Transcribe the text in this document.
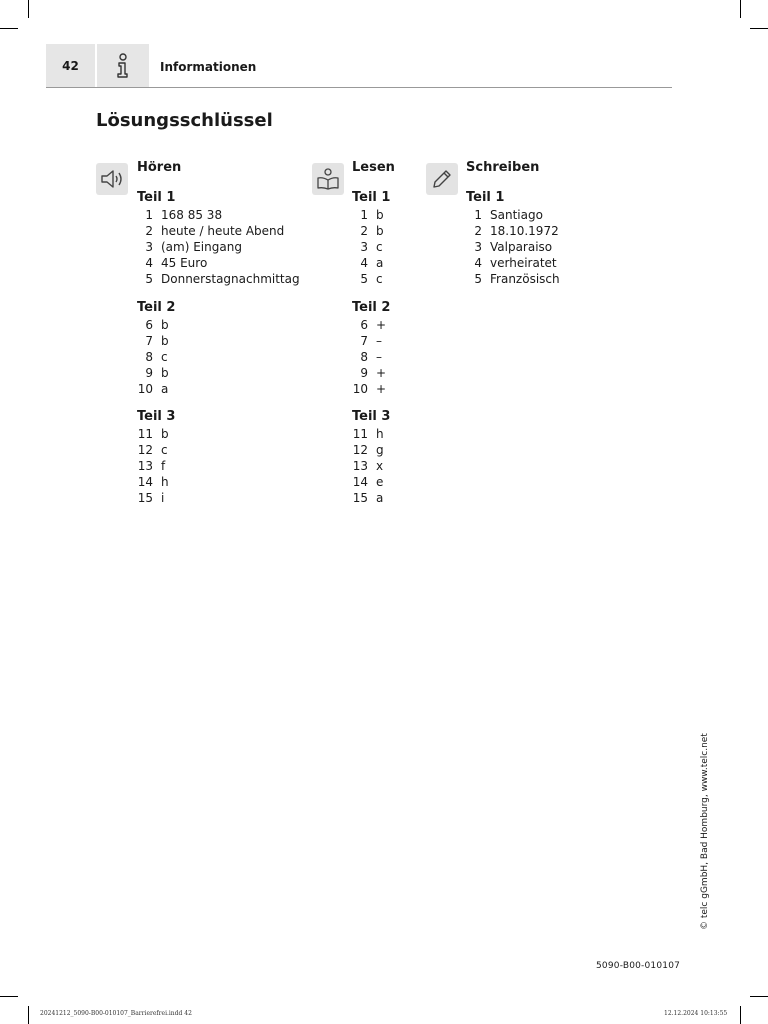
42	Informationen
Lösungsschlüssel
Hören
Teil 1
1 168 85 38
2 heute / heute Abend
3 (am) Eingang
4 45 Euro
5 Donnerstagnachmittag
Teil 2
6 b
7 b
8 c
9 b
10 a
Teil 3
11 b
12 c
13 f
14 h
15 i
Lesen
Teil 1
1 b
2 b
3 c
4 a
5 c
Teil 2
6 +
7 –
8 –
9 +
10 +
Teil 3
11 h
12 g
13 x
14 e
15 a
Schreiben
Teil 1
1 Santiago
2 18.10.1972
3 Valparaiso
4 verheiratet
5 Französisch
© telc gGmbH, Bad Homburg, www.telc.net
5090-B00-010107
20241212_5090-B00-010107_Barrierefrei.indd 42	12.12.2024 10:13:55
